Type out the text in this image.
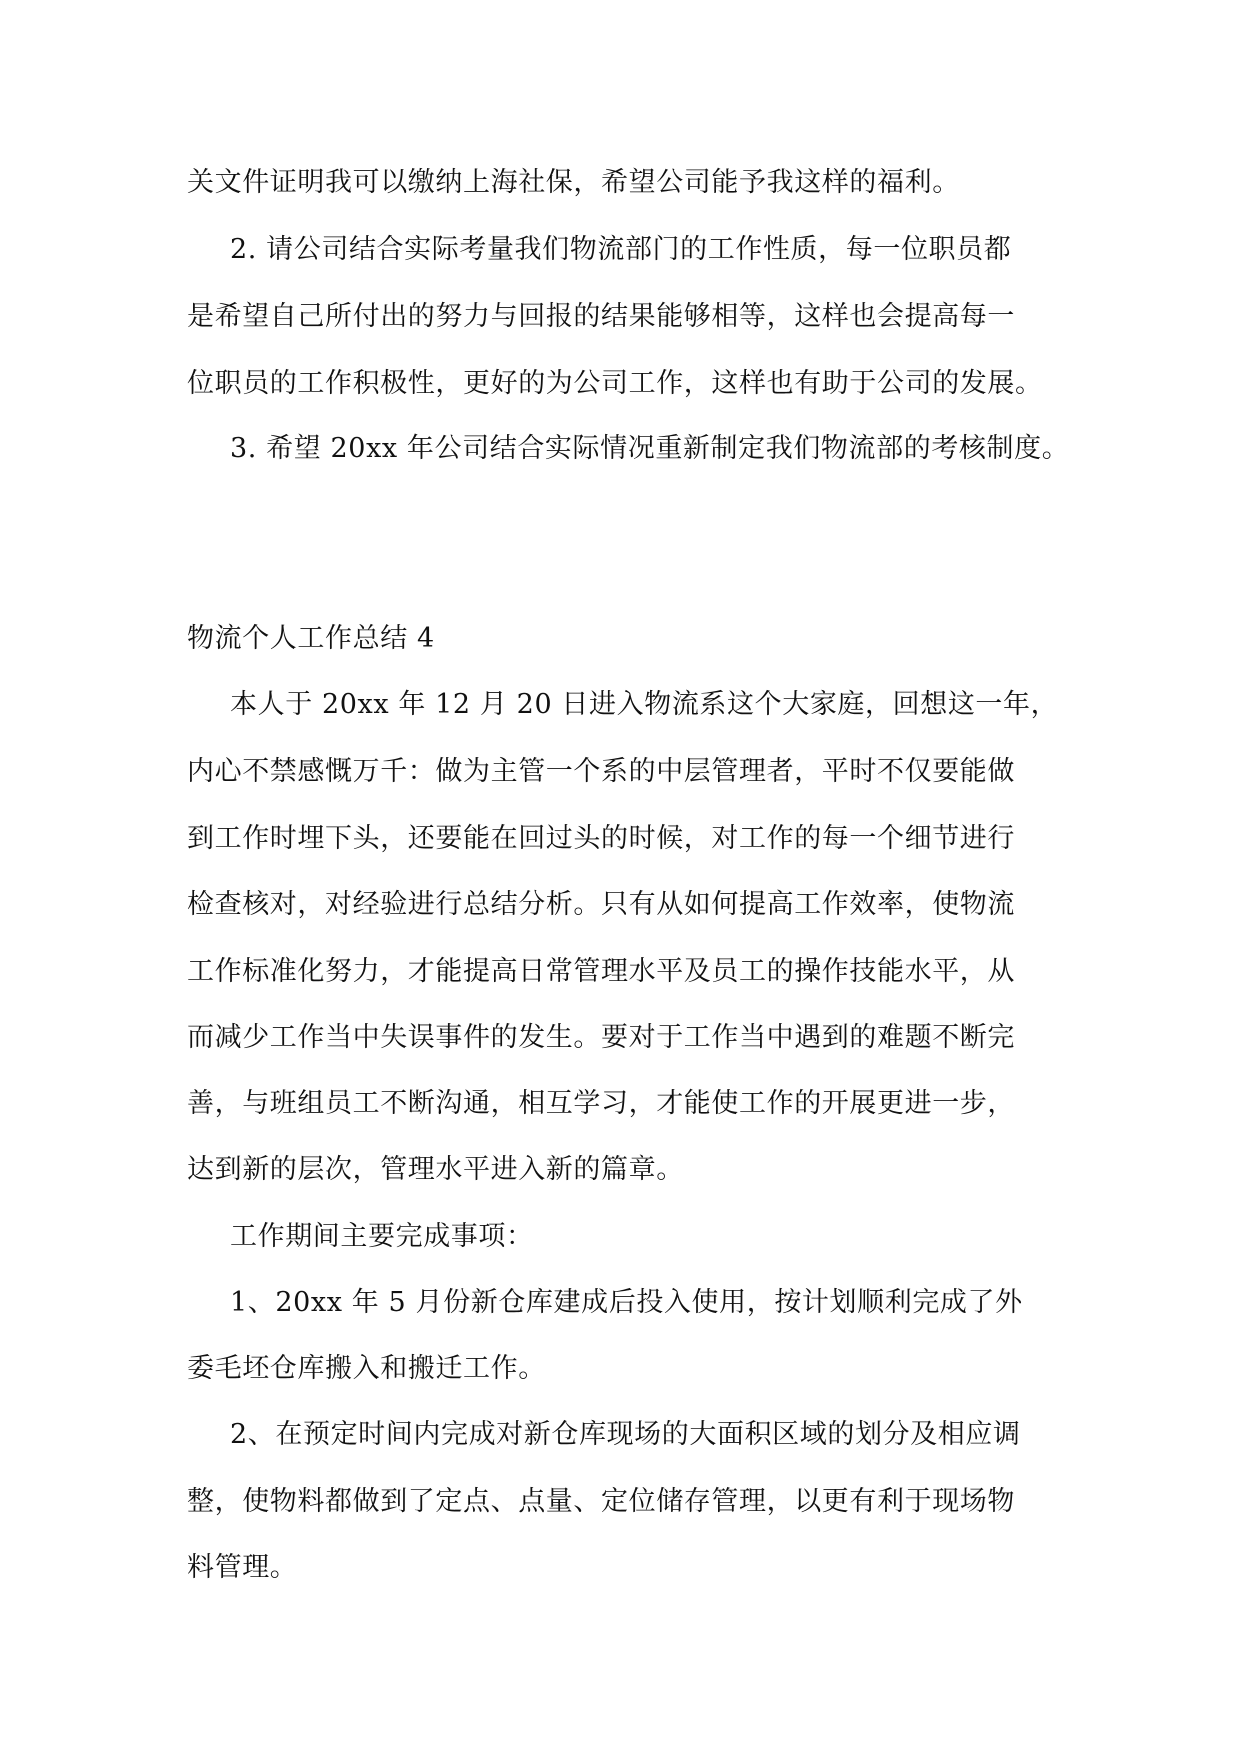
关文件证明我可以缴纳上海社保，希望公司能予我这样的福利。
2. 请公司结合实际考量我们物流部门的工作性质，每一位职员都
是希望自己所付出的努力与回报的结果能够相等，这样也会提高每一
位职员的工作积极性，更好的为公司工作，这样也有助于公司的发展。
3. 希望 20xx 年公司结合实际情况重新制定我们物流部的考核制度。
物流个人工作总结 4
本人于 20xx 年 12 月 20 日进入物流系这个大家庭，回想这一年，
内心不禁感慨万千：做为主管一个系的中层管理者，平时不仅要能做
到工作时埋下头，还要能在回过头的时候，对工作的每一个细节进行
检查核对，对经验进行总结分析。只有从如何提高工作效率，使物流
工作标准化努力，才能提高日常管理水平及员工的操作技能水平，从
而减少工作当中失误事件的发生。要对于工作当中遇到的难题不断完
善，与班组员工不断沟通，相互学习，才能使工作的开展更进一步，
达到新的层次，管理水平进入新的篇章。
工作期间主要完成事项：
1、20xx 年 5 月份新仓库建成后投入使用，按计划顺利完成了外
委毛坯仓库搬入和搬迁工作。
2、在预定时间内完成对新仓库现场的大面积区域的划分及相应调
整，使物料都做到了定点、点量、定位储存管理，以更有利于现场物
料管理。
